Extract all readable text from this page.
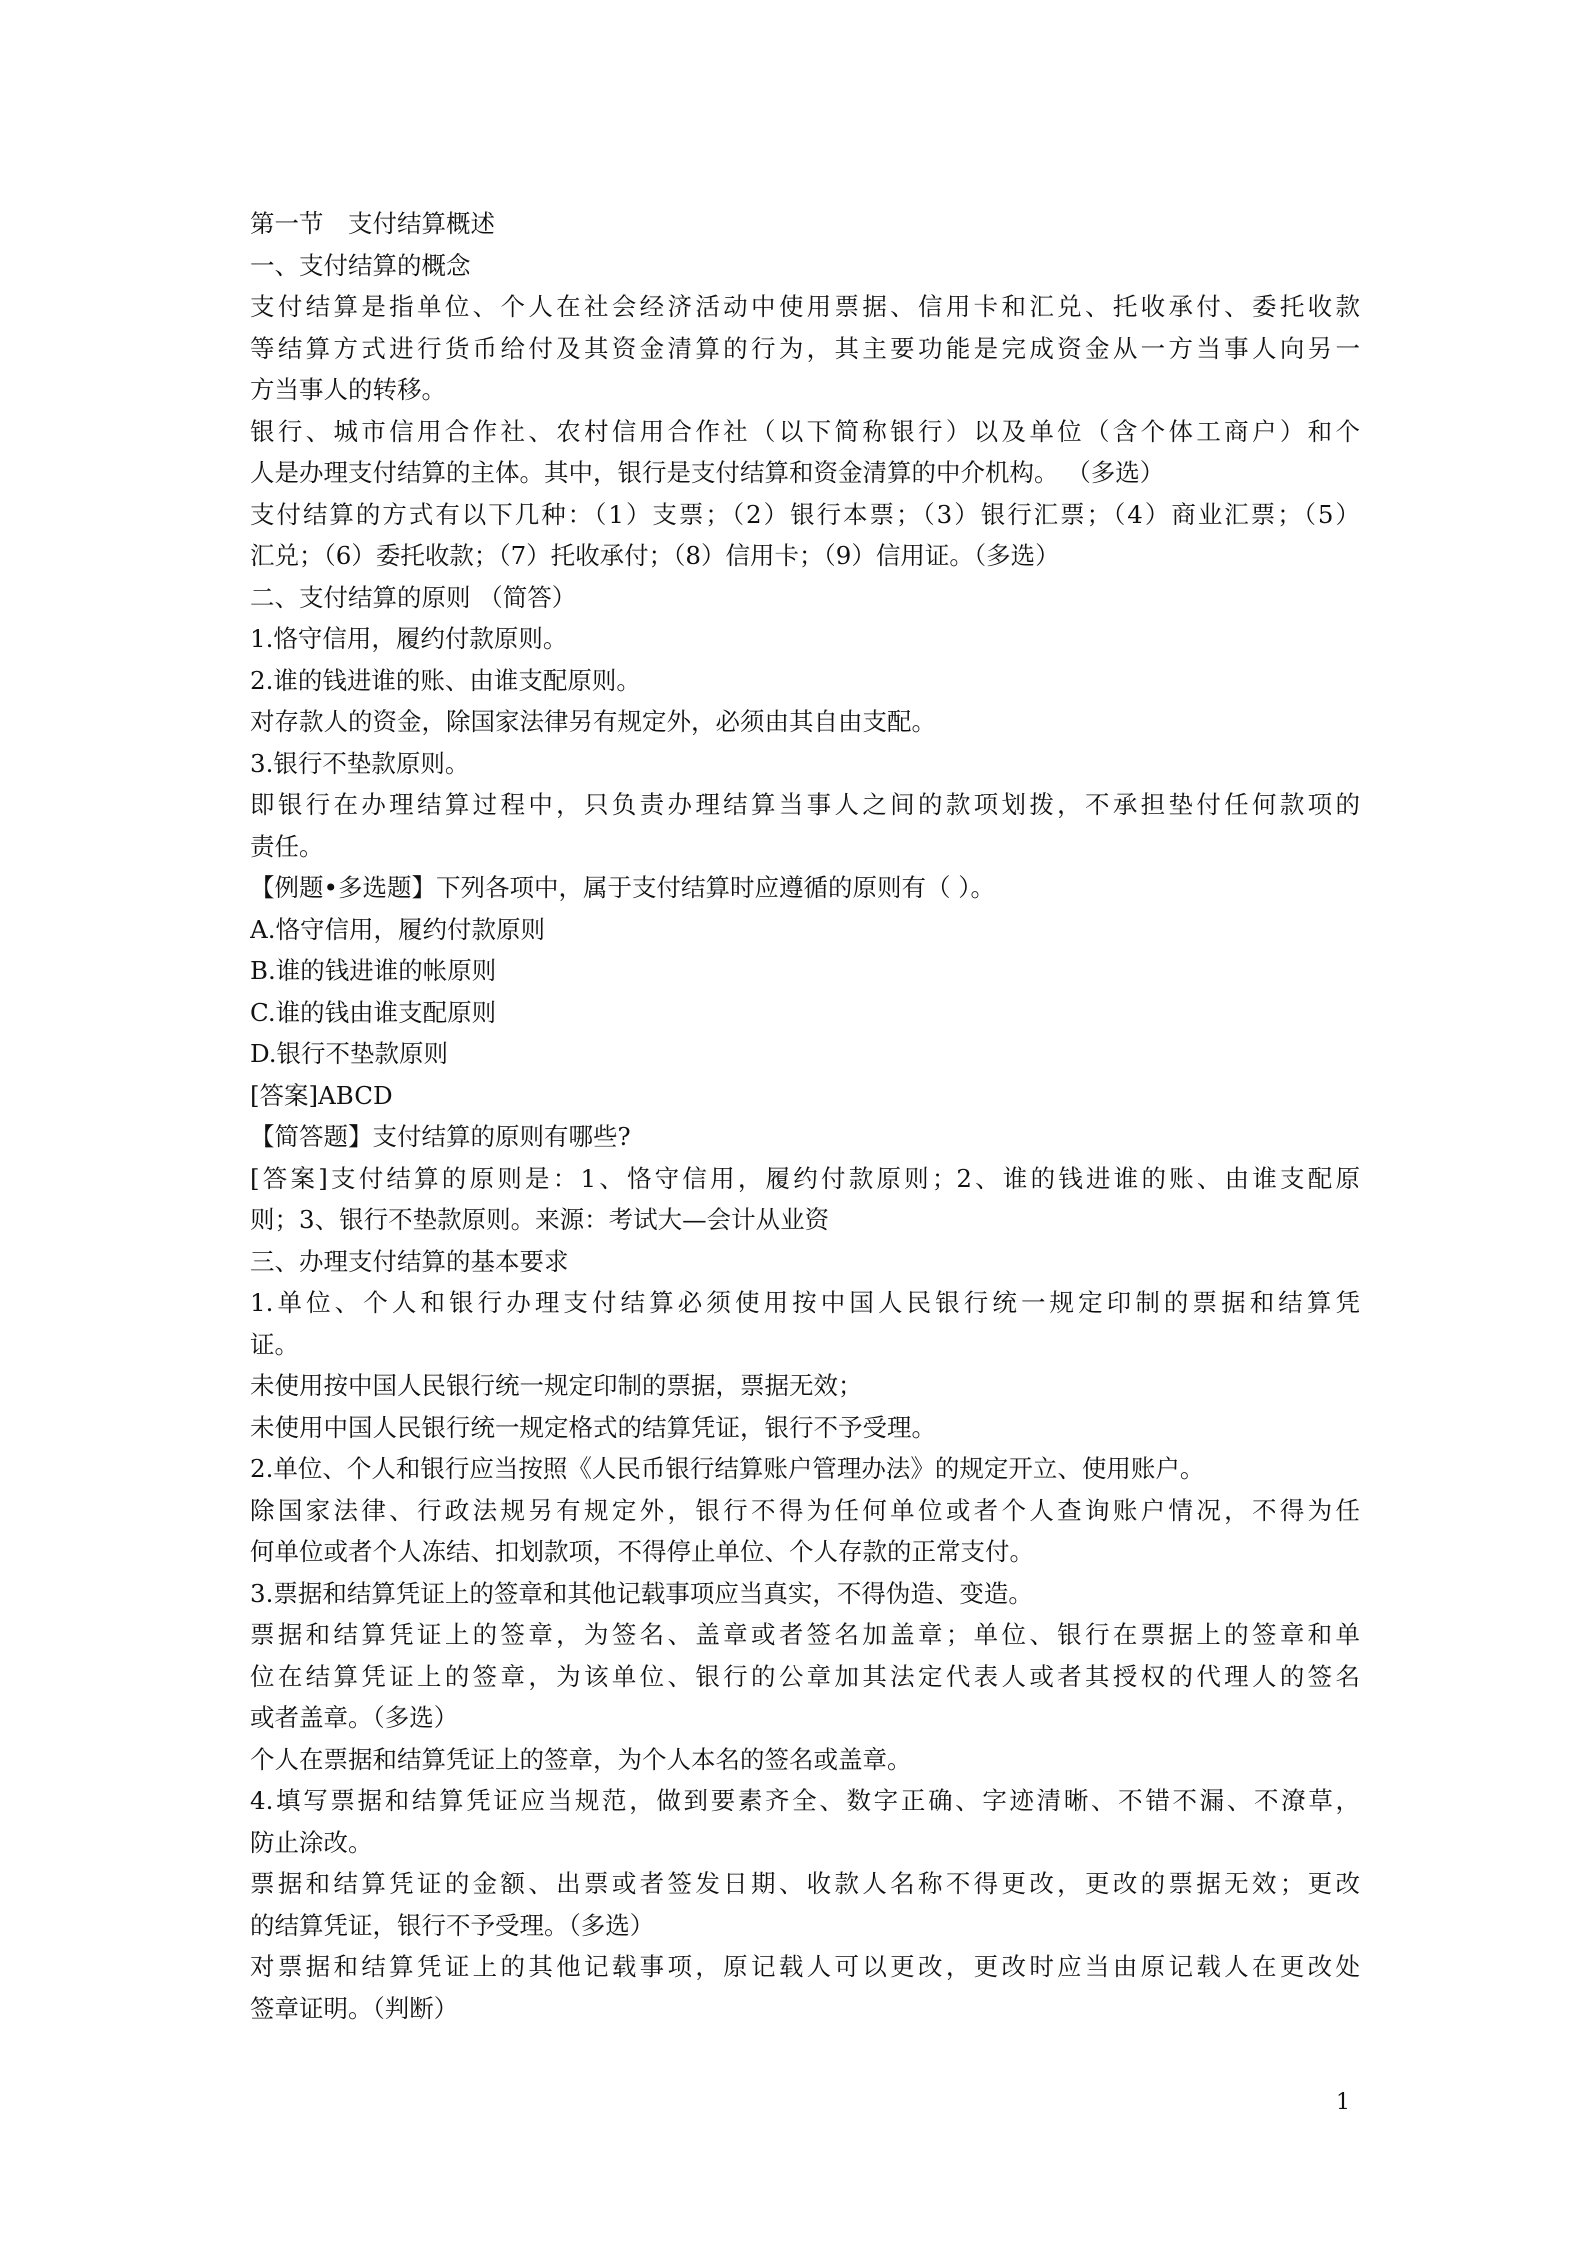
第一节　支付结算概述
一、支付结算的概念
支付结算是指单位、个人在社会经济活动中使用票据、信用卡和汇兑、托收承付、委托收款
等结算方式进行货币给付及其资金清算的行为，其主要功能是完成资金从一方当事人向另一
方当事人的转移。
银行、城市信用合作社、农村信用合作社（以下简称银行）以及单位（含个体工商户）和个
人是办理支付结算的主体。其中，银行是支付结算和资金清算的中介机构。 （多选）
支付结算的方式有以下几种：（1）支票；（2）银行本票；（3）银行汇票；（4）商业汇票；（5）
汇兑；（6）委托收款；（7）托收承付；（8）信用卡；（9）信用证。（多选）
二、支付结算的原则 （简答）
1.恪守信用，履约付款原则。
2.谁的钱进谁的账、由谁支配原则。
对存款人的资金，除国家法律另有规定外，必须由其自由支配。
3.银行不垫款原则。
即银行在办理结算过程中，只负责办理结算当事人之间的款项划拨，不承担垫付任何款项的
责任。
【例题•多选题】下列各项中，属于支付结算时应遵循的原则有（ ）。
A.恪守信用，履约付款原则
B.谁的钱进谁的帐原则
C.谁的钱由谁支配原则
D.银行不垫款原则
[答案]ABCD
【简答题】支付结算的原则有哪些?
[答案]支付结算的原则是：1、恪守信用，履约付款原则；2、谁的钱进谁的账、由谁支配原
则；3、银行不垫款原则。来源：考试大—会计从业资
三、办理支付结算的基本要求
1.单位、个人和银行办理支付结算必须使用按中国人民银行统一规定印制的票据和结算凭
证。
未使用按中国人民银行统一规定印制的票据，票据无效；
未使用中国人民银行统一规定格式的结算凭证，银行不予受理。
2.单位、个人和银行应当按照《人民币银行结算账户管理办法》的规定开立、使用账户。
除国家法律、行政法规另有规定外，银行不得为任何单位或者个人查询账户情况，不得为任
何单位或者个人冻结、扣划款项，不得停止单位、个人存款的正常支付。
3.票据和结算凭证上的签章和其他记载事项应当真实，不得伪造、变造。
票据和结算凭证上的签章，为签名、盖章或者签名加盖章；单位、银行在票据上的签章和单
位在结算凭证上的签章，为该单位、银行的公章加其法定代表人或者其授权的代理人的签名
或者盖章。（多选）
个人在票据和结算凭证上的签章，为个人本名的签名或盖章。
4.填写票据和结算凭证应当规范，做到要素齐全、数字正确、字迹清晰、不错不漏、不潦草，
防止涂改。
票据和结算凭证的金额、出票或者签发日期、收款人名称不得更改，更改的票据无效；更改
的结算凭证，银行不予受理。（多选）
对票据和结算凭证上的其他记载事项，原记载人可以更改，更改时应当由原记载人在更改处
签章证明。（判断）
1
